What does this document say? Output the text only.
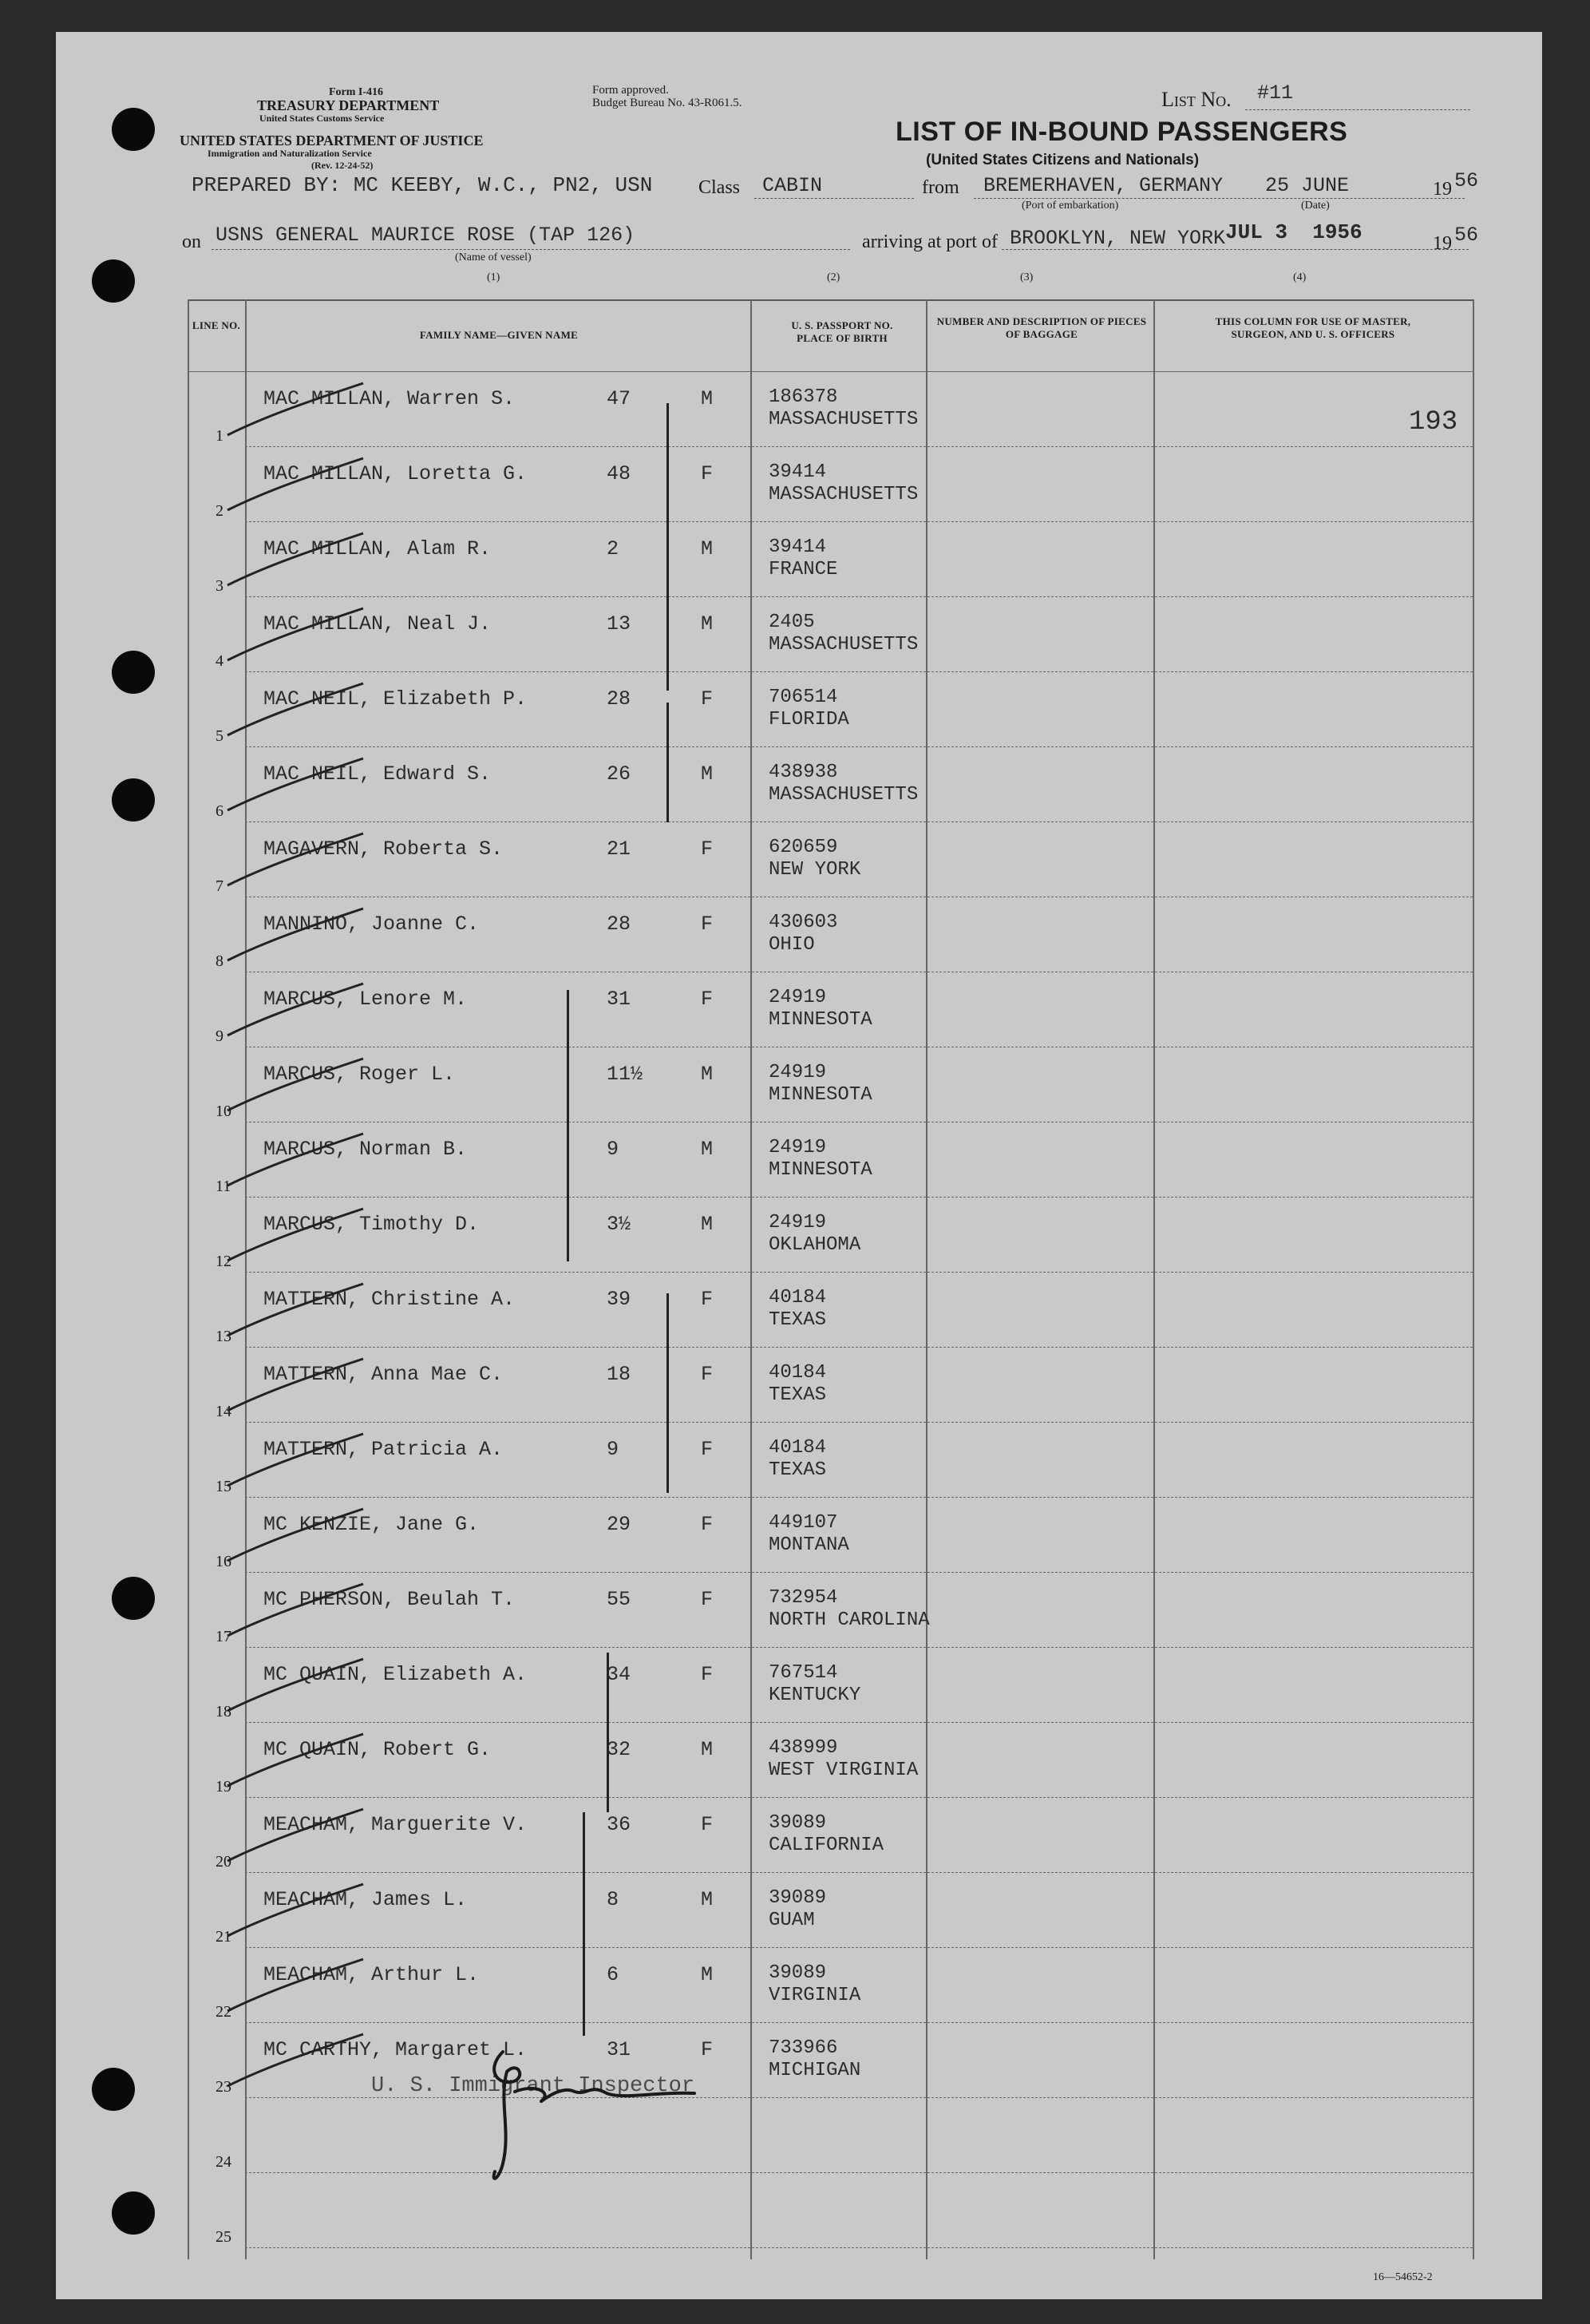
Form I-416
TREASURY DEPARTMENT
United States Customs Service
UNITED STATES DEPARTMENT OF JUSTICE
Immigration and Naturalization Service
(Rev. 12-24-52)
Form approved.
Budget Bureau No. 43-R061.5.	List No. #11
LIST OF IN-BOUND PASSENGERS
(United States Citizens and Nationals)
PREPARED BY: MC KEEBY, W.C., PN2, USN Class CABIN	from BREMERHAVEN, GERMANY 25 JUNE	19 56
(Port of embarkation)	(Date)
on USNS GENERAL MAURICE ROSE (TAP 126)
(Name of vessel)
arriving at port of BROOKLYN, NEW YORK JUL 3  1956	19 56
(1)	(2)	(3)	(4)
LINE NO.
FAMILY NAME—GIVEN NAME
U. S. PASSPORT NO. PLACE OF BIRTH
NUMBER AND DESCRIPTION OF PIECES OF BAGGAGE
THIS COLUMN FOR USE OF MASTER, SURGEON, AND U. S. OFFICERS
193
1
MAC MILLAN, Warren S.	47	M	186378
MASSACHUSETTS
2
MAC MILLAN, Loretta G.	48	F	39414
MASSACHUSETTS
3
MAC MILLAN, Alam R.	2	M	39414
FRANCE
4
MAC MILLAN, Neal J.	13	M	2405
MASSACHUSETTS
5
MAC NEIL, Elizabeth P.	28	F	706514
FLORIDA
6
MAC NEIL, Edward S.	26	M	438938
MASSACHUSETTS
7
MAGAVERN, Roberta S.	21	F	620659
NEW YORK
8
MANNINO, Joanne C.	28	F	430603
OHIO
9
MARCUS, Lenore M.	31	F	24919
MINNESOTA
10
MARCUS, Roger L.	11½	M	24919
MINNESOTA
11
MARCUS, Norman B.	9	M	24919
MINNESOTA
12
MARCUS, Timothy D.	3½	M	24919
OKLAHOMA
13
MATTERN, Christine A.	39	F	40184
TEXAS
14
MATTERN, Anna Mae C.	18	F	40184
TEXAS
15
MATTERN, Patricia A.	9	F	40184
TEXAS
16
MC KENZIE, Jane G.	29	F	449107
MONTANA
17
MC PHERSON, Beulah T.	55	F	732954
NORTH CAROLINA
18
MC QUAIN, Elizabeth A.	34	F	767514
KENTUCKY
19
MC QUAIN, Robert G.	32	M	438999
WEST VIRGINIA
20
MEACHAM, Marguerite V.	36	F	39089
CALIFORNIA
21
MEACHAM, James L.	8	M	39089
GUAM
22
MEACHAM, Arthur L.	6	M	39089
VIRGINIA
23
MC CARTHY, Margaret L.	31	F	733966
MICHIGAN
24
25
U. S. Immigrant Inspector
16—54652-2
